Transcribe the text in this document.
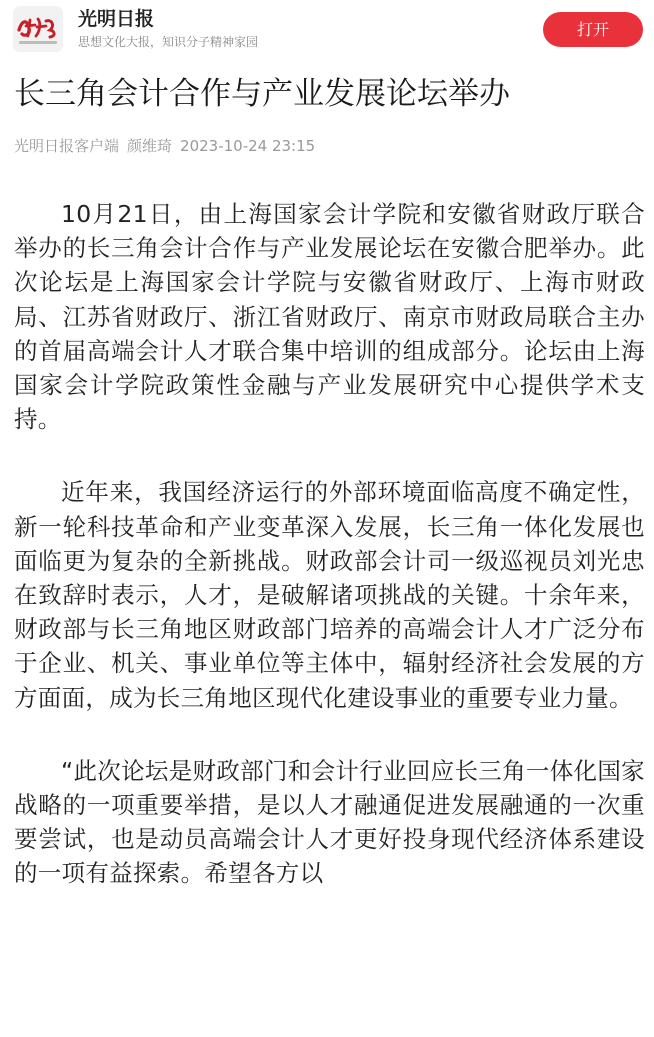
光明日报
思想文化大报，知识分子精神家园
打开
长三角会计合作与产业发展论坛举办
光明日报客户端 颜维琦 2023-10-24 23:15

10月21日，由上海国家会计学院和安徽省财政厅联合举办的长三角会计合作与产业发展论坛在安徽合肥举办。此次论坛是上海国家会计学院与安徽省财政厅、上海市财政局、江苏省财政厅、浙江省财政厅、南京市财政局联合主办的首届高端会计人才联合集中培训的组成部分。论坛由上海国家会计学院政策性金融与产业发展研究中心提供学术支持。

近年来，我国经济运行的外部环境面临高度不确定性，新一轮科技革命和产业变革深入发展，长三角一体化发展也面临更为复杂的全新挑战。财政部会计司一级巡视员刘光忠在致辞时表示，人才，是破解诸项挑战的关键。十余年来，财政部与长三角地区财政部门培养的高端会计人才广泛分布于企业、机关、事业单位等主体中，辐射经济社会发展的方方面面，成为长三角地区现代化建设事业的重要专业力量。

“此次论坛是财政部门和会计行业回应长三角一体化国家战略的一项重要举措，是以人才融通促进发展融通的一次重要尝试，也是动员高端会计人才更好投身现代经济体系建设的一项有益探索。希望各方以
